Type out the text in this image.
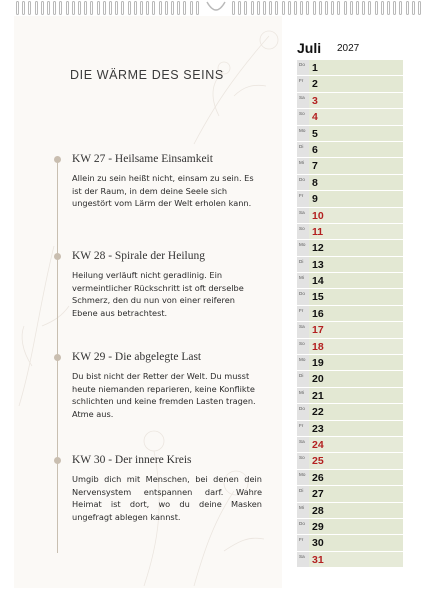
DIE WÄRME DES SEINS
KW 27 - Heilsame Einsamkeit
Allein zu sein heißt nicht, einsam zu sein. Es ist der Raum, in dem deine Seele sich ungestört vom Lärm der Welt erholen kann.
KW 28 - Spirale der Heilung
Heilung verläuft nicht geradlinig. Ein vermeintlicher Rückschritt ist oft derselbe Schmerz, den du nun von einer reiferen Ebene aus betrachtest.
KW 29 - Die abgelegte Last
Du bist nicht der Retter der Welt. Du musst heute niemanden reparieren, keine Konflikte schlichten und keine fremden Lasten tragen. Atme aus.
KW 30 - Der innere Kreis
Umgib dich mit Menschen, bei denen dein Nervensystem entspannen darf. Wahre Heimat ist dort, wo du deine Masken ungefragt ablegen kannst.
Juli 2027
Do 1
Fr 2
Sa 3
So 4
Mo 5
Di 6
Mi 7
Do 8
Fr 9
Sa 10
So 11
Mo 12
Di 13
Mi 14
Do 15
Fr 16
Sa 17
So 18
Mo 19
Di 20
Mi 21
Do 22
Fr 23
Sa 24
So 25
Mo 26
Di 27
Mi 28
Do 29
Fr 30
Sa 31
